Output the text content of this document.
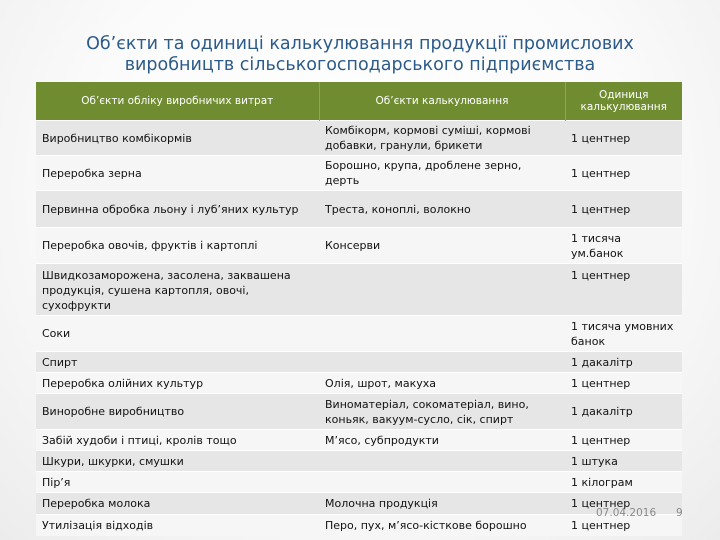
Об’єкти та одиниці калькулювання продукції промислових
виробництв сільськогосподарського підприємства
Об’єкти обліку виробничих витрат	Об’єкти калькулювання	Одиниця калькулювання
Виробництво комбікормів	Комбікорм, кормові суміші, кормові добавки, гранули, брикети	1 центнер
Переробка зерна	Борошно, крупа, дроблене зерно, дерть	1 центнер
Первинна обробка льону і луб’яних культур	Треста, коноплі, волокно	1 центнер
Переробка овочів, фруктів і картоплі	Консерви	1 тисяча ум.банок
Швидкозаморожена, засолена, заквашена продукція, сушена картопля, овочі, сухофрукти		1 центнер
Соки		1 тисяча умовних банок
Спирт		1 дакалітр
Переробка олійних культур	Олія, шрот, макуха	1 центнер
Виноробне виробництво	Виноматеріал, сокоматеріал, вино, коньяк, вакуум-сусло, сік, спирт	1 дакалітр
Забій худоби і птиці, кролів тощо	М’ясо, субпродукти	1 центнер
Шкури, шкурки, смушки		1 штука
Пір’я		1 кілограм
Переробка молока	Молочна продукція	1 центнер
Утилізація відходів	Перо, пух, м’ясо-кісткове борошно	1 центнер
07.04.2016 9
